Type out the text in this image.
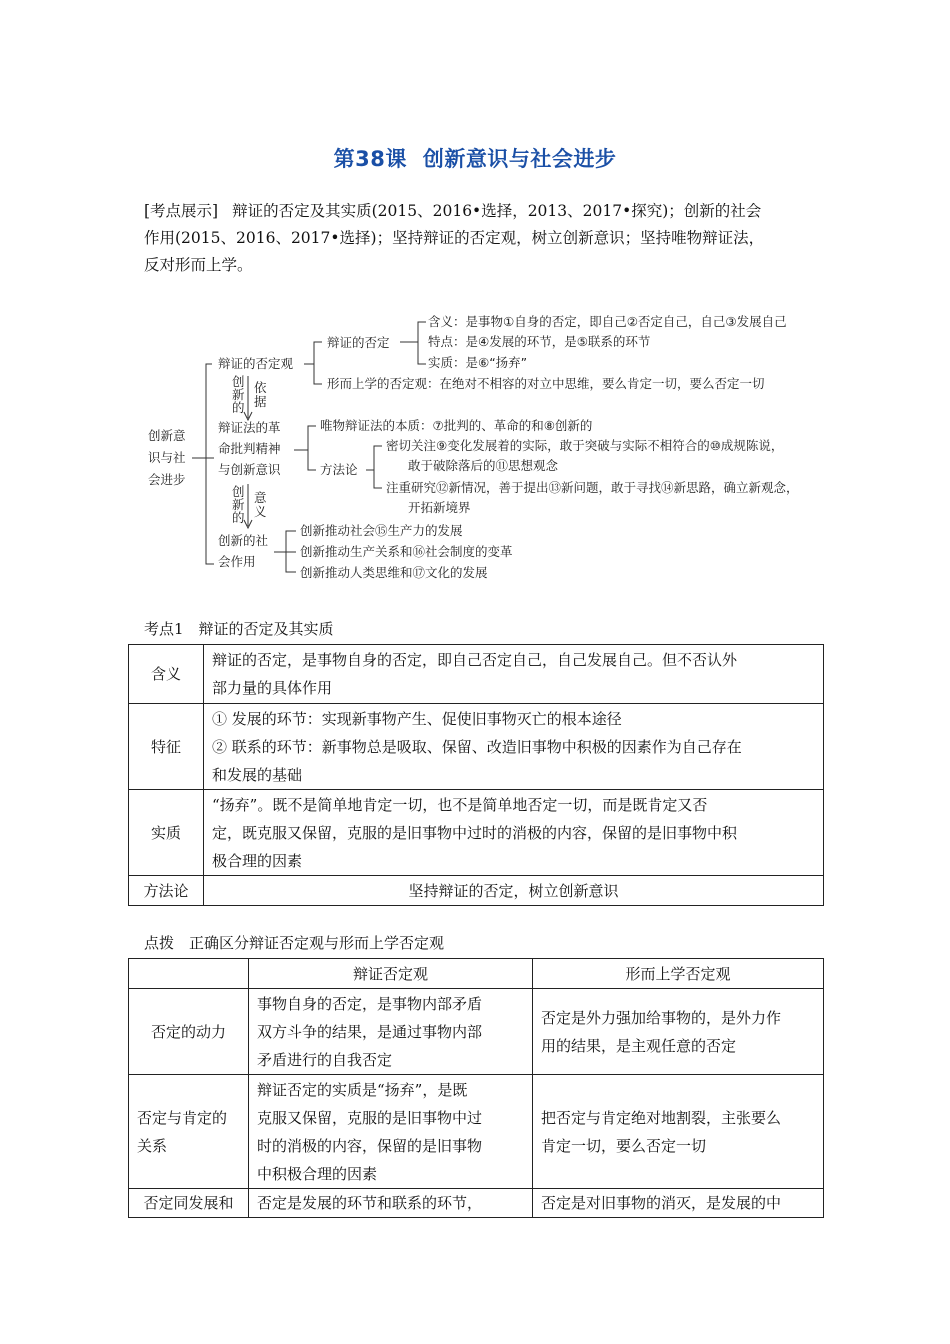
第38课 创新意识与社会进步
[考点展示] 辩证的否定及其实质(2015、2016•选择，2013、2017•探究)；创新的社会
作用(2015、2016、2017•选择)；坚持辩证的否定观，树立创新意识；坚持唯物辩证法，
反对形而上学。
创新意
识与社
会进步
辩证的否定观
辩证的否定
含义：是事物①自身的否定，即自己②否定自己，自己③发展自己
特点：是④发展的环节，是⑤联系的环节
实质：是⑥“扬弃”
形而上学的否定观：在绝对不相容的对立中思维，要么肯定一切，要么否定一切
创
新
的
依
据
辩证法的革
命批判精神
与创新意识
唯物辩证法的本质：⑦批判的、革命的和⑧创新的
方法论
密切关注⑨变化发展着的实际，敢于突破与实际不相符合的⑩成规陈说，
敢于破除落后的⑪思想观念
注重研究⑫新情况，善于提出⑬新问题，敢于寻找⑭新思路，确立新观念，
开拓新境界
创
新
的
意
义
创新的社
会作用
创新推动社会⑮生产力的发展
创新推动生产关系和⑯社会制度的变革
创新推动人类思维和⑰文化的发展
考点1　辩证的否定及其实质
含义	辩证的否定，是事物自身的否定，即自己否定自己，自己发展自己。但不否认外
部力量的具体作用

特征	① 发展的环节：实现新事物产生、促使旧事物灭亡的根本途径
② 联系的环节：新事物总是吸取、保留、改造旧事物中积极的因素作为自己存在
和发展的基础

实质	“扬弃”。既不是简单地肯定一切，也不是简单地否定一切，而是既肯定又否
定，既克服又保留，克服的是旧事物中过时的消极的内容，保留的是旧事物中积
极合理的因素

方法论	坚持辩证的否定，树立创新意识
点拨　正确区分辩证否定观与形而上学否定观
	辩证否定观	形而上学否定观

否定的动力	事物自身的否定，是事物内部矛盾
双方斗争的结果，是通过事物内部
矛盾进行的自我否定	否定是外力强加给事物的，是外力作
用的结果，是主观任意的否定

否定与肯定的
关系	辩证否定的实质是“扬弃”，是既
克服又保留，克服的是旧事物中过
时的消极的内容，保留的是旧事物
中积极合理的因素	把否定与肯定绝对地割裂，主张要么
肯定一切，要么否定一切

否定同发展和	否定是发展的环节和联系的环节，	否定是对旧事物的消灭，是发展的中
